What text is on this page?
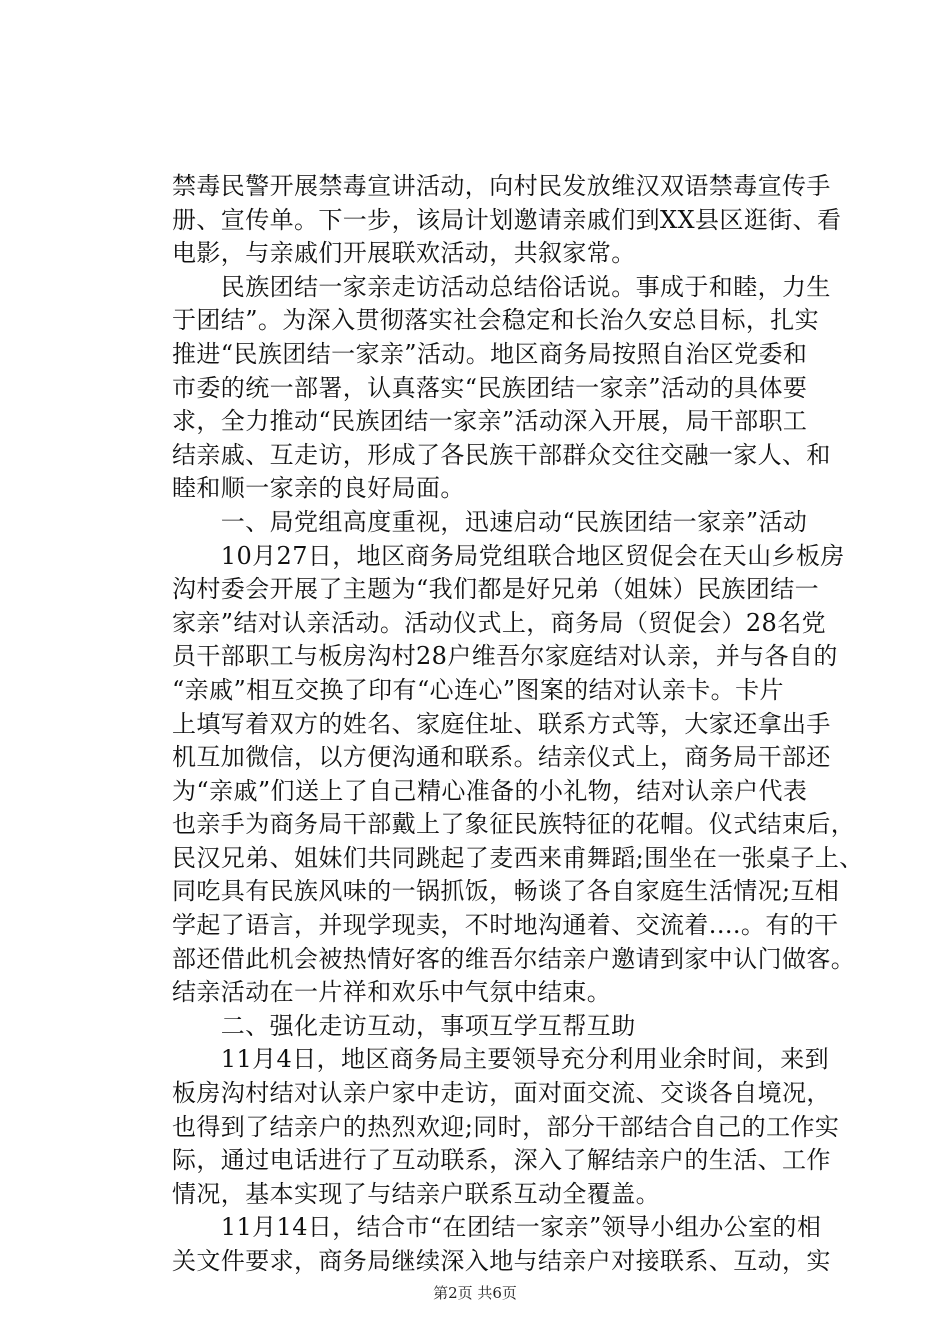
禁毒民警开展禁毒宣讲活动，向村民发放维汉双语禁毒宣传手
册、宣传单。下一步，该局计划邀请亲戚们到XX县区逛街、看
电影，与亲戚们开展联欢活动，共叙家常。
　　民族团结一家亲走访活动总结俗话说。事成于和睦，力生
于团结”。为深入贯彻落实社会稳定和长治久安总目标，扎实
推进“民族团结一家亲”活动。地区商务局按照自治区党委和
市委的统一部署，认真落实“民族团结一家亲”活动的具体要
求，全力推动“民族团结一家亲”活动深入开展，局干部职工
结亲戚、互走访，形成了各民族干部群众交往交融一家人、和
睦和顺一家亲的良好局面。
　　一、局党组高度重视，迅速启动“民族团结一家亲”活动
　　10月27日，地区商务局党组联合地区贸促会在天山乡板房
沟村委会开展了主题为“我们都是好兄弟（姐妹）民族团结一
家亲”结对认亲活动。活动仪式上，商务局（贸促会）28名党
员干部职工与板房沟村28户维吾尔家庭结对认亲，并与各自的
“亲戚”相互交换了印有“心连心”图案的结对认亲卡。卡片
上填写着双方的姓名、家庭住址、联系方式等，大家还拿出手
机互加微信，以方便沟通和联系。结亲仪式上，商务局干部还
为“亲戚”们送上了自己精心准备的小礼物，结对认亲户代表
也亲手为商务局干部戴上了象征民族特征的花帽。仪式结束后，
民汉兄弟、姐妹们共同跳起了麦西来甫舞蹈;围坐在一张桌子上、
同吃具有民族风味的一锅抓饭，畅谈了各自家庭生活情况;互相
学起了语言，并现学现卖，不时地沟通着、交流着....。有的干
部还借此机会被热情好客的维吾尔结亲户邀请到家中认门做客。
结亲活动在一片祥和欢乐中气氛中结束。
　　二、强化走访互动，事项互学互帮互助
　　11月4日，地区商务局主要领导充分利用业余时间，来到
板房沟村结对认亲户家中走访，面对面交流、交谈各自境况，
也得到了结亲户的热烈欢迎;同时，部分干部结合自己的工作实
际，通过电话进行了互动联系，深入了解结亲户的生活、工作
情况，基本实现了与结亲户联系互动全覆盖。
　　11月14日，结合市“在团结一家亲”领导小组办公室的相
关文件要求，商务局继续深入地与结亲户对接联系、互动，实
第2页 共6页
